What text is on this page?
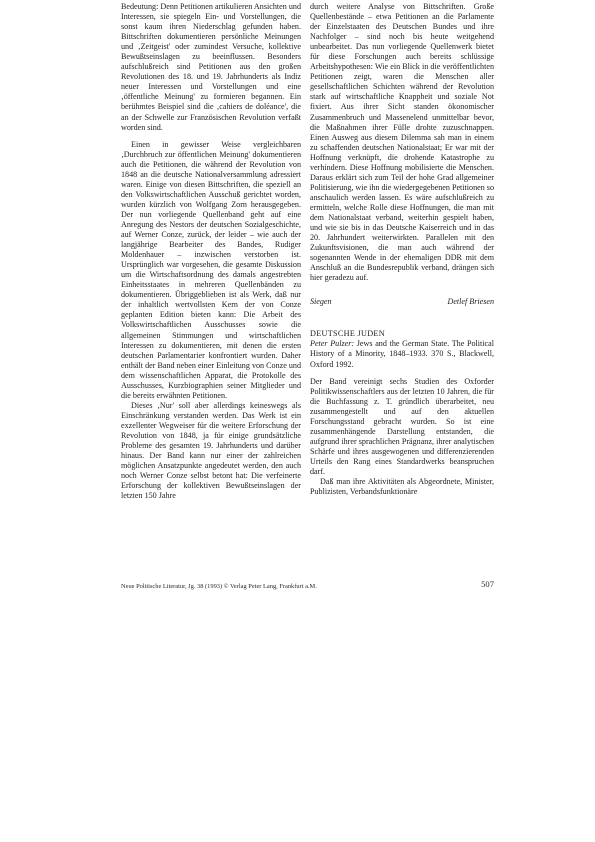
Bedeutung: Denn Petitionen artikulieren Ansichten und Interessen, sie spiegeln Ein- und Vorstellungen, die sonst kaum ihren Niederschlag gefunden haben. Bittschriften dokumentieren persönliche Meinungen und ‚Zeitgeist' oder zumindest Versuche, kollektive Bewußtseinslagen zu beeinflussen. Besonders aufschlußreich sind Petitionen aus den großen Revolutionen des 18. und 19. Jahrhunderts als Indiz neuer Interessen und Vorstellungen und eine ‚öffentliche Meinung' zu formieren begannen. Ein berühmtes Beispiel sind die ‚cahiers de doléance', die an der Schwelle zur Französischen Revolution verfaßt worden sind.

Einen in gewisser Weise vergleichbaren ‚Durchbruch zur öffentlichen Meinung' dokumentieren auch die Petitionen, die während der Revolution von 1848 an die deutsche Nationalversammlung adressiert waren. Einige von diesen Bittschriften, die speziell an den Volkswirtschaftlichen Ausschuß gerichtet worden, wurden kürzlich von Wolfgang Zorn herausgegeben. Der nun vorliegende Quellenband geht auf eine Anregung des Nestors der deutschen Sozialgeschichte, auf Werner Conze, zurück, der leider – wie auch der langjährige Bearbeiter des Bandes, Rudiger Moldenhauer – inzwischen verstorben ist. Ursprünglich war vorgesehen, die gesamte Diskussion um die Wirtschaftsordnung des damals angestrebten Einheitsstaates in mehreren Quellenbänden zu dokumentieren. Übriggeblieben ist als Werk, daß nur der inhaltlich wertvollsten Kern der von Conze geplanten Edition bieten kann: Die Arbeit des Volkswirtschaftlichen Ausschusses sowie die allgemeinen Stimmungen und wirtschaftlichen Interessen zu dokumentieren, mit denen die ersten deutschen Parlamentarier konfrontiert wurden. Daher enthält der Band neben einer Einleitung von Conze und dem wissenschaftlichen Apparat, die Protokolle des Ausschusses, Kurzbiographien seiner Mitglieder und die bereits erwähnten Petitionen.

Dieses ‚Nur' soll aber allerdings keineswegs als Einschränkung verstanden werden. Das Werk ist ein exzellenter Wegweiser für die weitere Erforschung der Revolution von 1848, ja für einige grundsätzliche Probleme des gesamten 19. Jahrhunderts und darüber hinaus. Der Band kann nur einer der zahlreichen möglichen Ansatzpunkte angedeutet werden, den auch noch Werner Conze selbst betont hat: Die verfeinerte Erforschung der kollektiven Bewußtseinslagen der letzten 150 Jahre

durch weitere Analyse von Bittschriften. Große Quellenbestände – etwa Petitionen an die Parlamente der Einzelstaaten des Deutschen Bundes und ihre Nachfolger – sind noch bis heute weitgehend unbearbeitet. Das nun vorliegende Quellenwerk bietet für diese Forschungen auch bereits schlüssige Arbeitshypothesen: Wie ein Blick in die veröffentlichten Petitionen zeigt, waren die Menschen aller gesellschaftlichen Schichten während der Revolution stark auf wirtschaftliche Knappheit und soziale Not fixiert. Aus ihrer Sicht standen ökonomischer Zusammenbruch und Massenelend unmittelbar bevor, die Maßnahmen ihrer Fülle drohte zuzuschnappen. Einen Ausweg aus diesem Dilemma sah man in einem zu schaffenden deutschen Nationalstaat; Er war mit der Hoffnung verknüpft, die drohende Katastrophe zu verhindern. Diese Hoffnung mobilisierte die Menschen. Daraus erklärt sich zum Teil der hohe Grad allgemeiner Politisierung, wie ihn die wiedergegebenen Petitionen so anschaulich werden lassen. Es wäre aufschlußreich zu ermitteln, welche Rolle diese Hoffnungen, die man mit dem Nationalstaat verband, weiterhin gespielt haben, und wie sie bis in das Deutsche Kaiserreich und in das 20. Jahrhundert weiterwirkten. Parallelen mit den Zukunftsvisionen, die man auch während der sogenannten Wende in der ehemaligen DDR mit dem Anschluß an die Bundesrepublik verband, drängen sich hier geradezu auf.

Siegen	Detlef Briesen
DEUTSCHE JUDEN

Peter Pulzer: Jews and the German State. The Political History of a Minority, 1848–1933. 370 S., Blackwell, Oxford 1992.

Der Band vereinigt sechs Studien des Oxforder Politikwissenschaftlers aus der letzten 10 Jahren, die für die Buchfassung z. T. gründlich überarbeitet, neu zusammengestellt und auf den aktuellen Forschungsstand gebracht wurden. So ist eine zusammenhängende Darstellung entstanden, die aufgrund ihrer sprachlichen Prägnanz, ihrer analytischen Schärfe und ihres ausgewogenen und differenzierenden Urteils den Rang eines Standardwerks beanspruchen darf.

Daß man ihre Aktivitäten als Abgeordnete, Minister, Publizisten, Verbandsfunktionäre

Neue Politische Literatur, Jg. 38 (1993) © Verlag Peter Lang, Frankfurt a.M.	507
